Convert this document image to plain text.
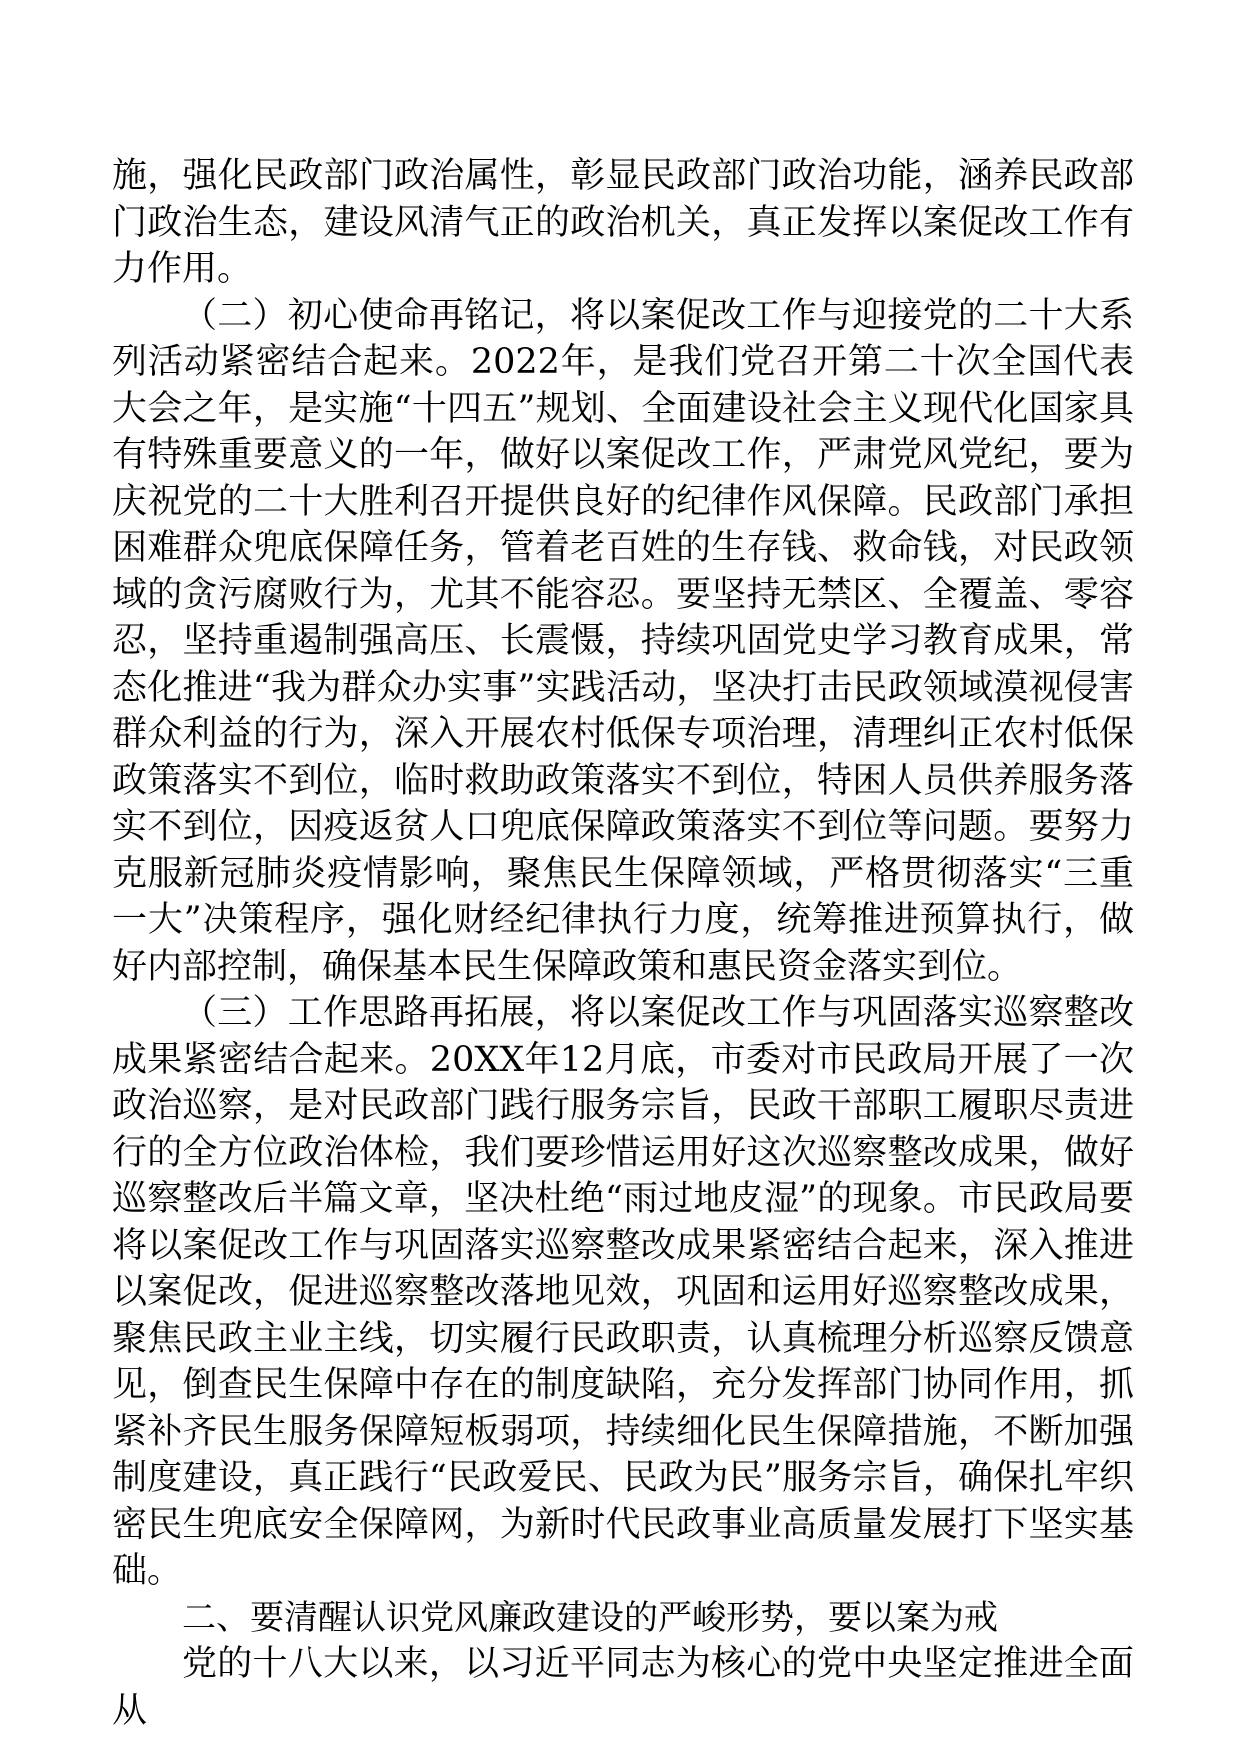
施，强化民政部门政治属性，彰显民政部门政治功能，涵养民政部门政治生态，建设风清气正的政治机关，真正发挥以案促改工作有力作用。

（二）初心使命再铭记，将以案促改工作与迎接党的二十大系列活动紧密结合起来。2022年，是我们党召开第二十次全国代表大会之年，是实施“十四五”规划、全面建设社会主义现代化国家具有特殊重要意义的一年，做好以案促改工作，严肃党风党纪，要为庆祝党的二十大胜利召开提供良好的纪律作风保障。民政部门承担困难群众兜底保障任务，管着老百姓的生存钱、救命钱，对民政领域的贪污腐败行为，尤其不能容忍。要坚持无禁区、全覆盖、零容忍，坚持重遏制强高压、长震慑，持续巩固党史学习教育成果，常态化推进“我为群众办实事”实践活动，坚决打击民政领域漠视侵害群众利益的行为，深入开展农村低保专项治理，清理纠正农村低保政策落实不到位，临时救助政策落实不到位，特困人员供养服务落实不到位，因疫返贫人口兜底保障政策落实不到位等问题。要努力克服新冠肺炎疫情影响，聚焦民生保障领域，严格贯彻落实“三重一大”决策程序，强化财经纪律执行力度，统筹推进预算执行，做好内部控制，确保基本民生保障政策和惠民资金落实到位。

（三）工作思路再拓展，将以案促改工作与巩固落实巡察整改成果紧密结合起来。20XX年12月底，市委对市民政局开展了一次政治巡察，是对民政部门践行服务宗旨，民政干部职工履职尽责进行的全方位政治体检，我们要珍惜运用好这次巡察整改成果，做好巡察整改后半篇文章，坚决杜绝“雨过地皮湿”的现象。市民政局要将以案促改工作与巩固落实巡察整改成果紧密结合起来，深入推进以案促改，促进巡察整改落地见效，巩固和运用好巡察整改成果，聚焦民政主业主线，切实履行民政职责，认真梳理分析巡察反馈意见，倒查民生保障中存在的制度缺陷，充分发挥部门协同作用，抓紧补齐民生服务保障短板弱项，持续细化民生保障措施，不断加强制度建设，真正践行“民政爱民、民政为民”服务宗旨，确保扎牢织密民生兜底安全保障网，为新时代民政事业高质量发展打下坚实基础。

二、要清醒认识党风廉政建设的严峻形势，要以案为戒

党的十八大以来，以习近平同志为核心的党中央坚定推进全面从
